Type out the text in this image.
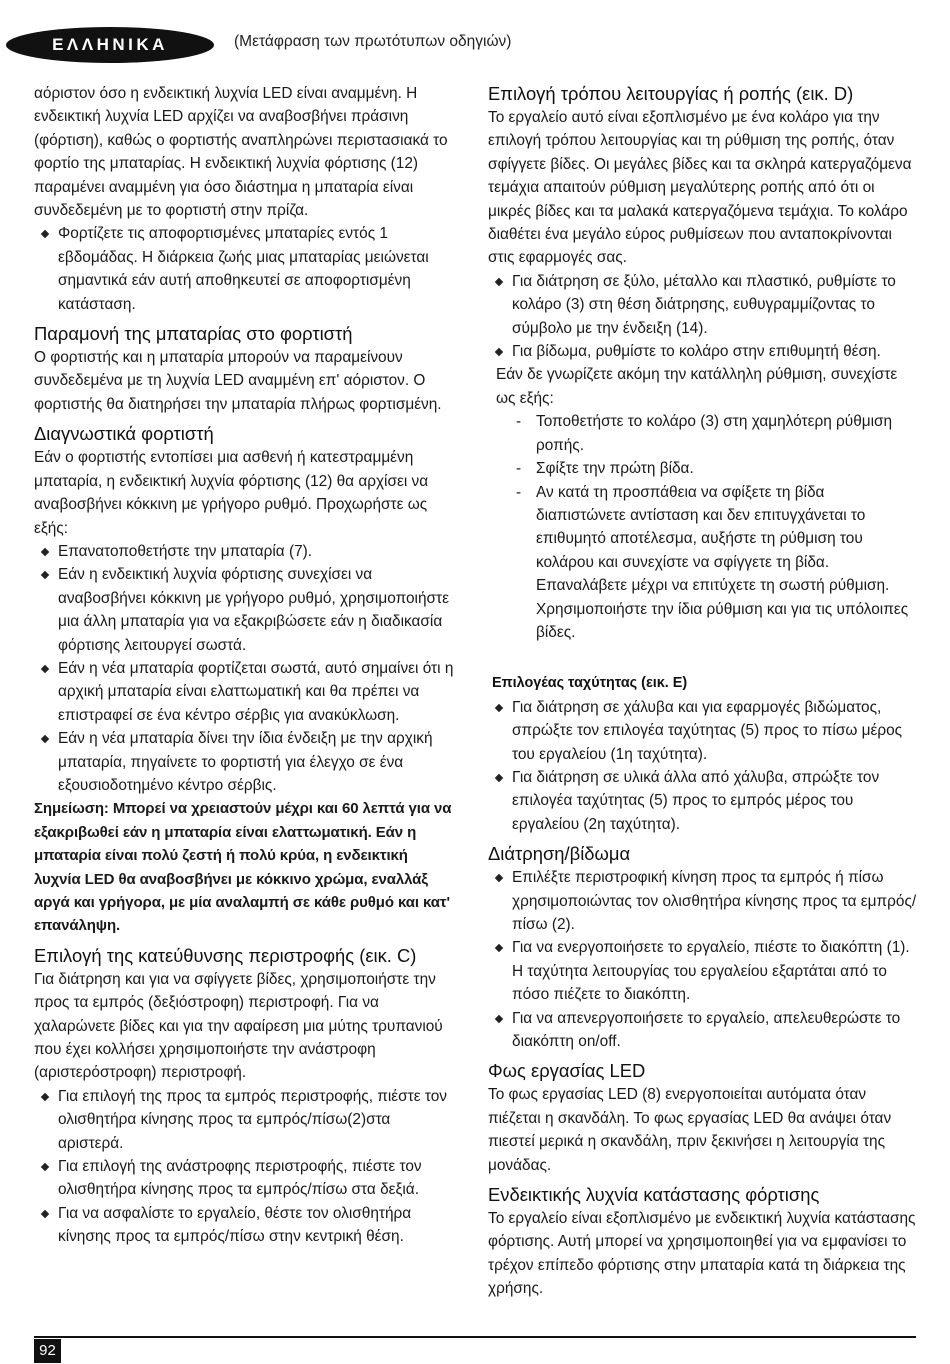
ΕΛΛΗΝΙΚΑ	(Μετάφραση των πρωτότυπων οδηγιών)

αόριστον όσο η ενδεικτική λυχνία LED είναι αναμμένη. Η ενδεικτική λυχνία LED αρχίζει να αναβοσβήνει πράσινη (φόρτιση), καθώς ο φορτιστής αναπληρώνει περιστασιακά το φορτίο της μπαταρίας. Η ενδεικτική λυχνία φόρτισης (12) παραμένει αναμμένη για όσο διάστημα η μπαταρία είναι συνδεδεμένη με το φορτιστή στην πρίζα.

Φορτίζετε τις αποφορτισμένες μπαταρίες εντός 1 εβδομάδας. Η διάρκεια ζωής μιας μπαταρίας μειώνεται σημαντικά εάν αυτή αποθηκευτεί σε αποφορτισμένη κατάσταση.
Παραμονή της μπαταρίας στο φορτιστή

Ο φορτιστής και η μπαταρία μπορούν να παραμείνουν συνδεδεμένα με τη λυχνία LED αναμμένη επ' αόριστον. Ο φορτιστής θα διατηρήσει την μπαταρία πλήρως φορτισμένη.

Διαγνωστικά φορτιστή

Εάν ο φορτιστής εντοπίσει μια ασθενή ή κατεστραμμένη μπαταρία, η ενδεικτική λυχνία φόρτισης (12) θα αρχίσει να αναβοσβήνει κόκκινη με γρήγορο ρυθμό. Προχωρήστε ως εξής:

Επανατοποθετήστε την μπαταρία (7).
Εάν η ενδεικτική λυχνία φόρτισης συνεχίσει να αναβοσβήνει κόκκινη με γρήγορο ρυθμό, χρησιμοποιήστε μια άλλη μπαταρία για να εξακριβώσετε εάν η διαδικασία φόρτισης λειτουργεί σωστά.
Εάν η νέα μπαταρία φορτίζεται σωστά, αυτό σημαίνει ότι η αρχική μπαταρία είναι ελαττωματική και θα πρέπει να επιστραφεί σε ένα κέντρο σέρβις για ανακύκλωση.
Εάν η νέα μπαταρία δίνει την ίδια ένδειξη με την αρχική μπαταρία, πηγαίνετε το φορτιστή για έλεγχο σε ένα εξουσιοδοτημένο κέντρο σέρβις.

Σημείωση: Μπορεί να χρειαστούν μέχρι και 60 λεπτά για να εξακριβωθεί εάν η μπαταρία είναι ελαττωματική. Εάν η μπαταρία είναι πολύ ζεστή ή πολύ κρύα, η ενδεικτική λυχνία LED θα αναβοσβήνει με κόκκινο χρώμα, εναλλάξ αργά και γρήγορα, με μία αναλαμπή σε κάθε ρυθμό και κατ' επανάληψη.

Επιλογή της κατεύθυνσης περιστροφής (εικ. C)

Για διάτρηση και για να σφίγγετε βίδες, χρησιμοποιήστε την προς τα εμπρός (δεξιόστροφη) περιστροφή. Για να χαλαρώνετε βίδες και για την αφαίρεση μια μύτης τρυπανιού που έχει κολλήσει χρησιμοποιήστε την ανάστροφη (αριστερόστροφη) περιστροφή.

Για επιλογή της προς τα εμπρός περιστροφής, πιέστε τον ολισθητήρα κίνησης προς τα εμπρός/πίσω(2)στα αριστερά.
Για επιλογή της ανάστροφης περιστροφής, πιέστε τον ολισθητήρα κίνησης προς τα εμπρός/πίσω στα δεξιά.
Για να ασφαλίστε το εργαλείο, θέστε τον ολισθητήρα κίνησης προς τα εμπρός/πίσω στην κεντρική θέση.
Επιλογή τρόπου λειτουργίας ή ροπής (εικ. D)

Το εργαλείο αυτό είναι εξοπλισμένο με ένα κολάρο για την επιλογή τρόπου λειτουργίας και τη ρύθμιση της ροπής, όταν σφίγγετε βίδες. Οι μεγάλες βίδες και τα σκληρά κατεργαζόμενα τεμάχια απαιτούν ρύθμιση μεγαλύτερης ροπής από ότι οι μικρές βίδες και τα μαλακά κατεργαζόμενα τεμάχια. Το κολάρο διαθέτει ένα μεγάλο εύρος ρυθμίσεων που ανταποκρίνονται στις εφαρμογές σας.

Για διάτρηση σε ξύλο, μέταλλο και πλαστικό, ρυθμίστε το κολάρο (3) στη θέση διάτρησης, ευθυγραμμίζοντας το σύμβολο με την ένδειξη (14).
Για βίδωμα, ρυθμίστε το κολάρο στην επιθυμητή θέση.

Εάν δε γνωρίζετε ακόμη την κατάλληλη ρύθμιση, συνεχίστε ως εξής:

- Τοποθετήστε το κολάρο (3) στη χαμηλότερη ρύθμιση ροπής.
- Σφίξτε την πρώτη βίδα.
- Αν κατά τη προσπάθεια να σφίξετε τη βίδα διαπιστώνετε αντίσταση και δεν επιτυγχάνεται το επιθυμητό αποτέλεσμα, αυξήστε τη ρύθμιση του κολάρου και συνεχίστε να σφίγγετε τη βίδα. Επαναλάβετε μέχρι να επιτύχετε τη σωστή ρύθμιση. Χρησιμοποιήστε την ίδια ρύθμιση και για τις υπόλοιπες βίδες.
Επιλογέας ταχύτητας (εικ. E)
Για διάτρηση σε χάλυβα και για εφαρμογές βιδώματος, σπρώξτε τον επιλογέα ταχύτητας (5) προς το πίσω μέρος του εργαλείου (1η ταχύτητα).
Για διάτρηση σε υλικά άλλα από χάλυβα, σπρώξτε τον επιλογέα ταχύτητας (5) προς το εμπρός μέρος του εργαλείου (2η ταχύτητα).
Διάτρηση/βίδωμα
Επιλέξτε περιστροφική κίνηση προς τα εμπρός ή πίσω χρησιμοποιώντας τον ολισθητήρα κίνησης προς τα εμπρός/πίσω (2).
Για να ενεργοποιήσετε το εργαλείο, πιέστε το διακόπτη (1). Η ταχύτητα λειτουργίας του εργαλείου εξαρτάται από το πόσο πιέζετε το διακόπτη.
Για να απενεργοποιήσετε το εργαλείο, απελευθερώστε το διακόπτη on/off.
Φως εργασίας LED

Το φως εργασίας LED (8) ενεργοποιείται αυτόματα όταν πιέζεται η σκανδάλη. Το φως εργασίας LED θα ανάψει όταν πιεστεί μερικά η σκανδάλη, πριν ξεκινήσει η λειτουργία της μονάδας.

Ενδεικτικής λυχνία κατάστασης φόρτισης

Το εργαλείο είναι εξοπλισμένο με ενδεικτική λυχνία κατάστασης φόρτισης. Αυτή μπορεί να χρησιμοποιηθεί για να εμφανίσει το τρέχον επίπεδο φόρτισης στην μπαταρία κατά τη διάρκεια της χρήσης.

92
